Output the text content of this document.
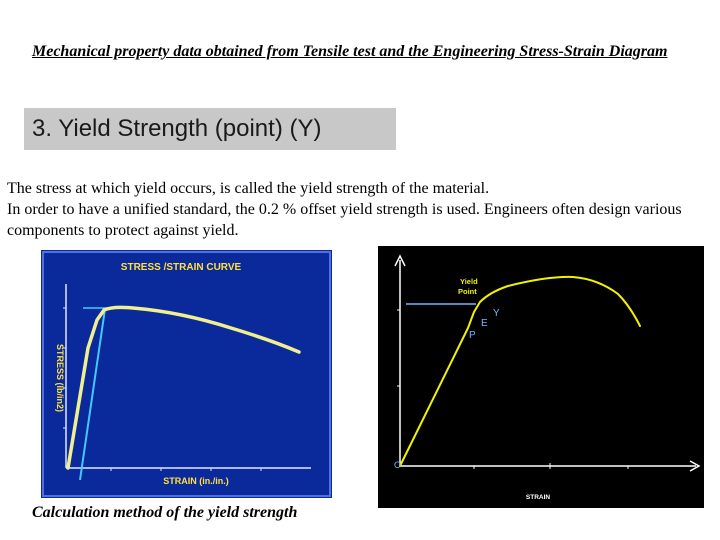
Mechanical property data obtained from Tensile test and the Engineering Stress-Strain Diagram
3. Yield Strength (point) (Y)

The stress at which yield occurs, is called the yield strength of the material.

In order to have a unified standard, the 0.2 % offset yield strength is used. Engineers often design various components to protect against yield.

STRESS /STRAIN CURVE
STRAIN (in./in.)
STRESS (lb/in2)
Yield Point
Y
E
P
O
STRAIN
Calculation method of the yield strength
